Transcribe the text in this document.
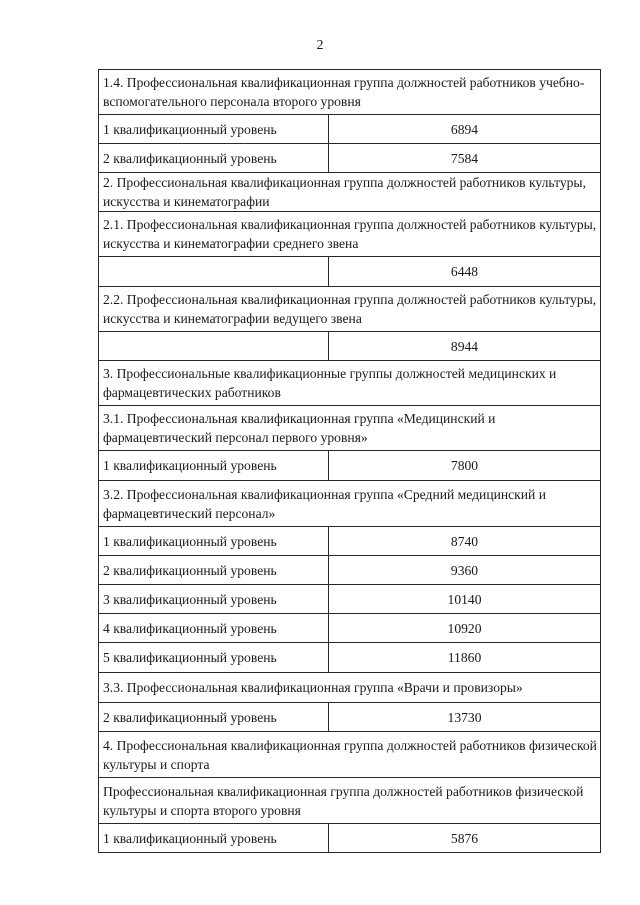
2
1.4. Профессиональная квалификационная группа должностей работников учебно-вспомогательного персонала второго уровня	
1 квалификационный уровень	6894
2 квалификационный уровень	7584
2. Профессиональная квалификационная группа должностей работников культуры, искусства и кинематографии	
2.1. Профессиональная квалификационная группа должностей работников культуры, искусства и кинематографии среднего звена	
	6448
2.2. Профессиональная квалификационная группа должностей работников культуры, искусства и кинематографии ведущего звена	
	8944
3. Профессиональные квалификационные группы должностей медицинских и фармацевтических работников	
3.1. Профессиональная квалификационная группа «Медицинский и фармацевтический персонал первого уровня»	
1 квалификационный уровень	7800
3.2. Профессиональная квалификационная группа «Средний медицинский и фармацевтический персонал»	
1 квалификационный уровень	8740
2 квалификационный уровень	9360
3 квалификационный уровень	10140
4 квалификационный уровень	10920
5 квалификационный уровень	11860
3.3. Профессиональная квалификационная группа «Врачи и провизоры»	
2 квалификационный уровень	13730
4. Профессиональная квалификационная группа должностей работников физической культуры и спорта	
Профессиональная квалификационная группа должностей работников физической культуры и спорта второго уровня	
1 квалификационный уровень	5876
